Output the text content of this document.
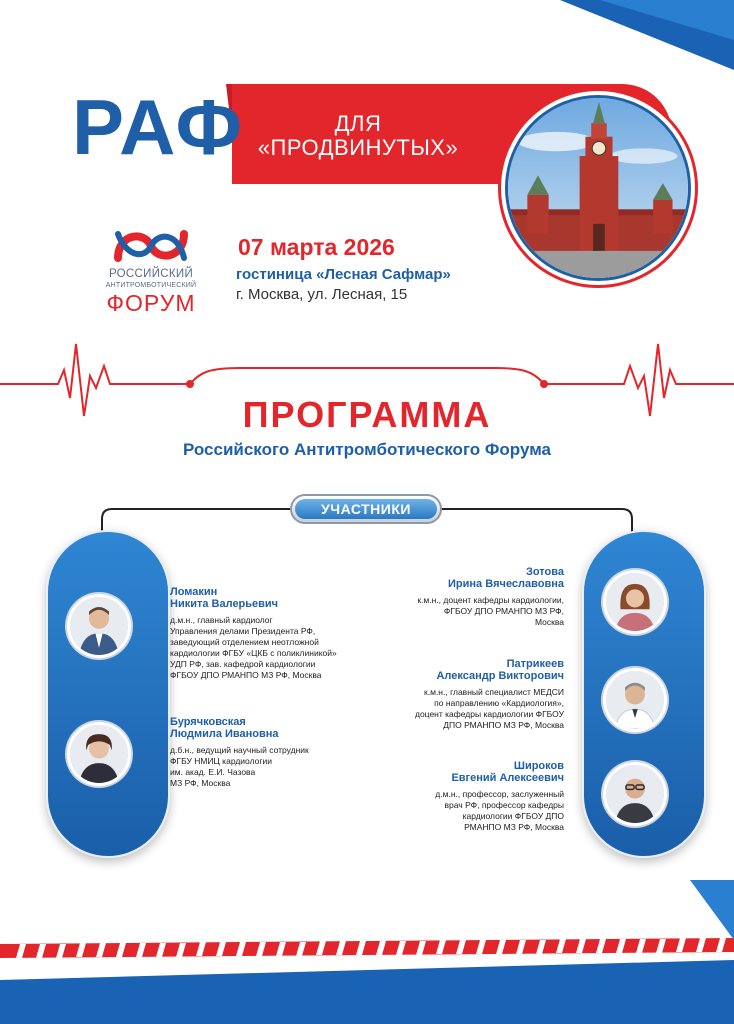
РАФ	ДЛЯ
«ПРОДВИНУТЫХ»
РОССИЙСКИЙ
АНТИТРОМБОТИЧЕСКИЙ
ФОРУМ
07 марта 2026
гостиница «Лесная Сафмар»
г. Москва, ул. Лесная, 15
ПРОГРАММА
Российского Антитромботического Форума
УЧАСТНИКИ
Ломакин
Никита Валерьевич
д.м.н., главный кардиолог
Управления делами Президента РФ,
заведующий отделением неотложной
кардиологии ФГБУ «ЦКБ с поликлиникой»
УДП РФ, зав. кафедрой кардиологии
ФГБОУ ДПО РМАНПО МЗ РФ, Москва
Бурячковская
Людмила Ивановна
д.б.н., ведущий научный сотрудник
ФГБУ НМИЦ кардиологии
им. акад. Е.И. Чазова
МЗ РФ, Москва
Зотова
Ирина Вячеславовна
к.м.н., доцент кафедры кардиологии,
ФГБОУ ДПО РМАНПО МЗ РФ,
Москва
Патрикеев
Александр Викторович
к.м.н., главный специалист МЕДСИ
по направлению «Кардиология»,
доцент кафедры кардиологии ФГБОУ
ДПО РМАНПО МЗ РФ, Москва
Широков
Евгений Алексеевич
д.м.н., профессор, заслуженный
врач РФ, профессор кафедры
кардиологии ФГБОУ ДПО
РМАНПО МЗ РФ, Москва
